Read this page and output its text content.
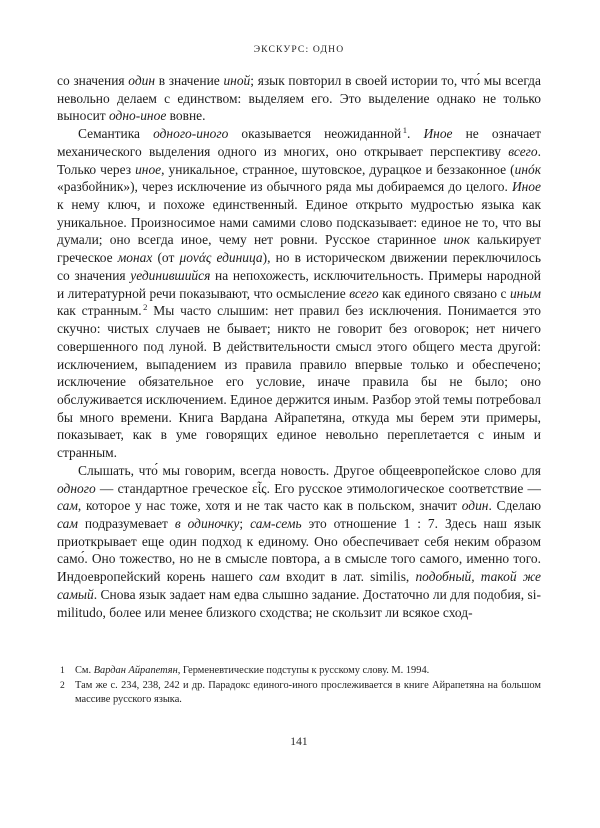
ЭКСКУРС: ОДНО

со значения один в значение иной; язык повторил в своей истории то, что́ мы всегда невольно делаем с единством: выделяем его. Это выделение однако не только выносит одно-иное вовне.

Семантика одного-иного оказывается неожиданной $^1$. Иное не означает механического выделения одного из многих, оно открывает перспективу всего. Только через иное, уникальное, странное, шутовское, дурацкое и беззаконное (инóк «разбойник»), через исключение из обычного ряда мы добираемся до целого. Иное к нему ключ, и похоже единственный. Единое открыто мудростью языка как уникальное. Произносимое нами самими слово подсказывает: единое не то, что вы думали; оно всегда иное, чему нет ровни. Русское старинное инок калькирует греческое монах (от μονάς единица), но в историческом движении переключилось со значения уединившийся на непохожесть, исключительность. Примеры народной и литературной речи показывают, что осмысление всего как единого связано с иным как странным. $^2$ Мы часто слышим: нет правил без исключения. Понимается это скучно: чистых случаев не бывает; никто не говорит без оговорок; нет ничего совершенного под луной. В действительности смысл этого общего места другой: исключением, выпадением из правила правило впервые только и обеспечено; исключение обязательное его условие, иначе правила бы не было; оно обслуживается исключением. Единое держится иным. Разбор этой темы потребовал бы много времени. Книга Вардана Айрапетяна, откуда мы берем эти примеры, показывает, как в уме говорящих единое невольно переплетается с иным и странным.

Слышать, что́ мы говорим, всегда новость. Другое общеевропейское слово для одного — стандартное греческое εἷς. Его русское этимологическое соответствие — сам, которое у нас тоже, хотя и не так часто как в польском, значит один. Сделаю сам подразумевает в одиночку; сам-семь это отношение 1 : 7. Здесь наш язык приоткрывает еще один подход к единому. Оно обеспечивает себя неким образом само́. Оно тожество, но не в смысле повтора, а в смысле того самого, именно того. Индоевропейский корень нашего сам входит в лат. similis, подобный, такой же самый. Снова язык задает нам едва слышно задание. Достаточно ли для подобия, si-militudo, более или менее близкого сходства; не скользит ли всякое сход-

1 См. Вардан Айрапетян, Герменевтические подступы к русскому слову. М. 1994.

2 Там же с. 234, 238, 242 и др. Парадокс единого-иного прослеживается в книге Айрапетяна на большом массиве русского языка.

141
